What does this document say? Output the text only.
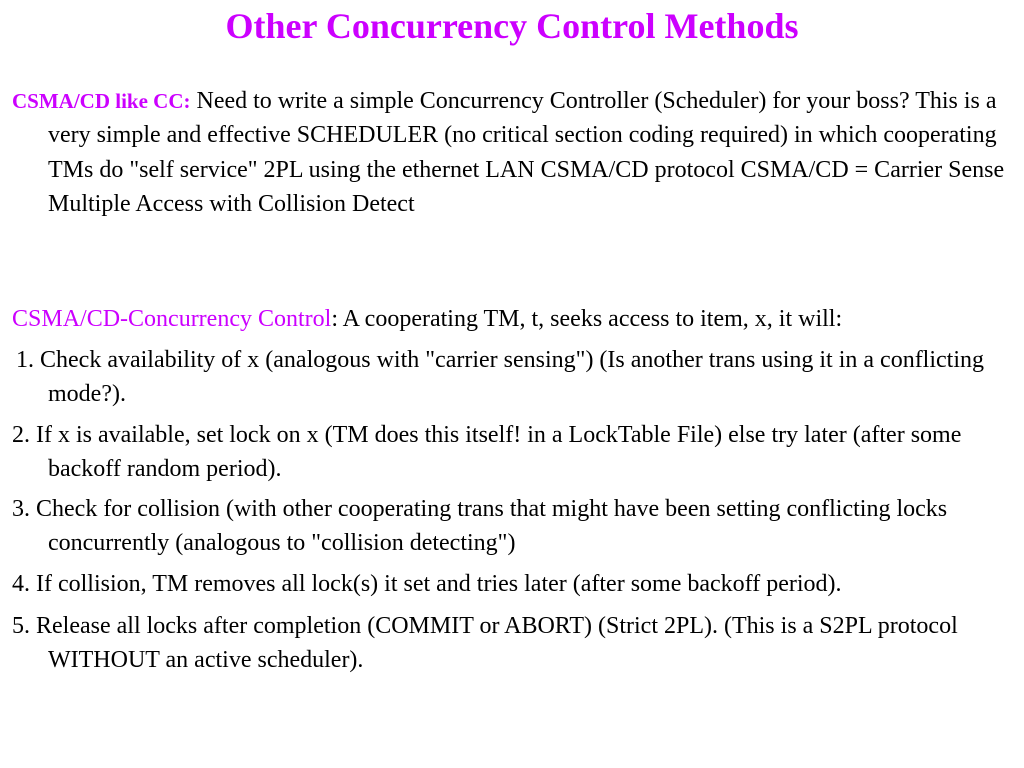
Other Concurrency Control Methods

CSMA/CD like CC: Need to write a simple Concurrency Controller (Scheduler) for your boss? This is a very simple and effective SCHEDULER (no critical section coding required) in which cooperating TMs do "self service" 2PL using the ethernet LAN CSMA/CD protocol CSMA/CD = Carrier Sense Multiple Access with Collision Detect

CSMA/CD-Concurrency Control: A cooperating TM, t, seeks access to item, x, it will:

1. Check availability of x (analogous with "carrier sensing") (Is another trans using it in a conflicting mode?).

2. If x is available, set lock on x (TM does this itself! in a LockTable File) else try later (after some backoff random period).

3. Check for collision (with other cooperating trans that might have been setting conflicting locks concurrently (analogous to "collision detecting")

4. If collision, TM removes all lock(s) it set and tries later (after some backoff period).

5. Release all locks after completion (COMMIT or ABORT) (Strict 2PL). (This is a S2PL protocol WITHOUT an active scheduler).
